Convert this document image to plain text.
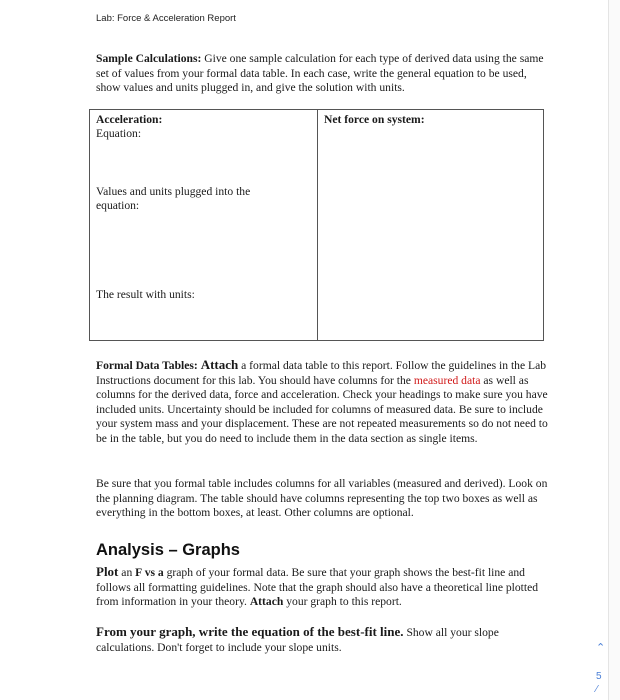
Lab: Force & Acceleration Report
Sample Calculations: Give one sample calculation for each type of derived data using the same set of values from your formal data table. In each case, write the general equation to be used, show values and units plugged in, and give the solution with units.
Acceleration:
Equation:
Values and units plugged into the equation:
The result with units:
Net force on system:
Formal Data Tables: Attach a formal data table to this report. Follow the guidelines in the Lab Instructions document for this lab. You should have columns for the measured data as well as columns for the derived data, force and acceleration. Check your headings to make sure you have included units. Uncertainty should be included for columns of measured data. Be sure to include your system mass and your displacement. These are not repeated measurements so do not need to be in the table, but you do need to include them in the data section as single items.
Be sure that you formal table includes columns for all variables (measured and derived). Look on the planning diagram. The table should have columns representing the top two boxes as well as everything in the bottom boxes, at least. Other columns are optional.
Analysis – Graphs
Plot an F vs a graph of your formal data. Be sure that your graph shows the best-fit line and follows all formatting guidelines. Note that the graph should also have a theoretical line plotted from information in your theory. Attach your graph to this report.
From your graph, write the equation of the best-fit line. Show all your slope calculations. Don't forget to include your slope units.	⌃
5
⁄
